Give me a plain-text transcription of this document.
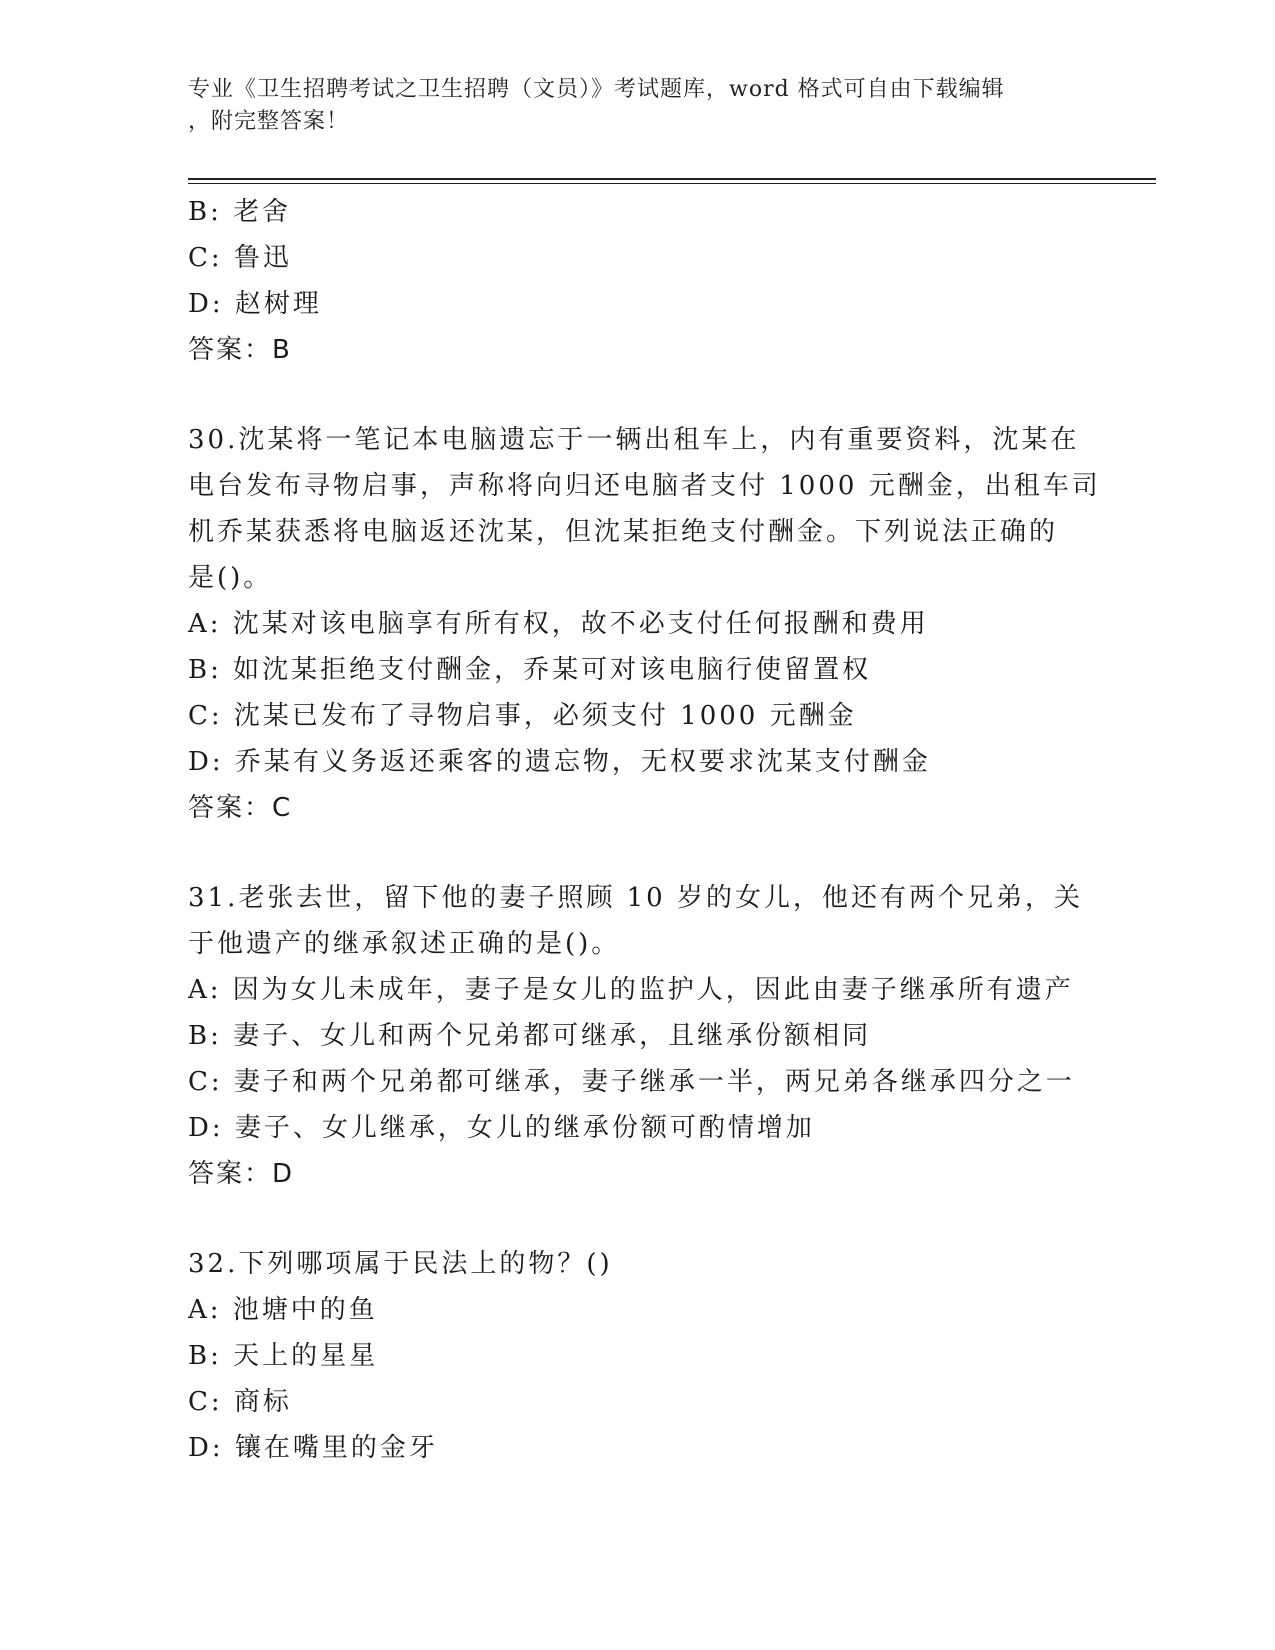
专业《卫生招聘考试之卫生招聘（文员）》考试题库，word 格式可自由下载编辑
，附完整答案！
B: 老舍
C: 鲁迅
D: 赵树理
答案：B
30.沈某将一笔记本电脑遗忘于一辆出租车上，内有重要资料，沈某在
电台发布寻物启事，声称将向归还电脑者支付 1000 元酬金，出租车司
机乔某获悉将电脑返还沈某，但沈某拒绝支付酬金。下列说法正确的
是()。
A: 沈某对该电脑享有所有权，故不必支付任何报酬和费用
B: 如沈某拒绝支付酬金，乔某可对该电脑行使留置权
C: 沈某已发布了寻物启事，必须支付 1000 元酬金
D: 乔某有义务返还乘客的遗忘物，无权要求沈某支付酬金
答案：C
31.老张去世，留下他的妻子照顾 10 岁的女儿，他还有两个兄弟，关
于他遗产的继承叙述正确的是()。
A: 因为女儿未成年，妻子是女儿的监护人，因此由妻子继承所有遗产
B: 妻子、女儿和两个兄弟都可继承，且继承份额相同
C: 妻子和两个兄弟都可继承，妻子继承一半，两兄弟各继承四分之一
D: 妻子、女儿继承，女儿的继承份额可酌情增加
答案：D
32.下列哪项属于民法上的物？()
A: 池塘中的鱼
B: 天上的星星
C: 商标
D: 镶在嘴里的金牙
